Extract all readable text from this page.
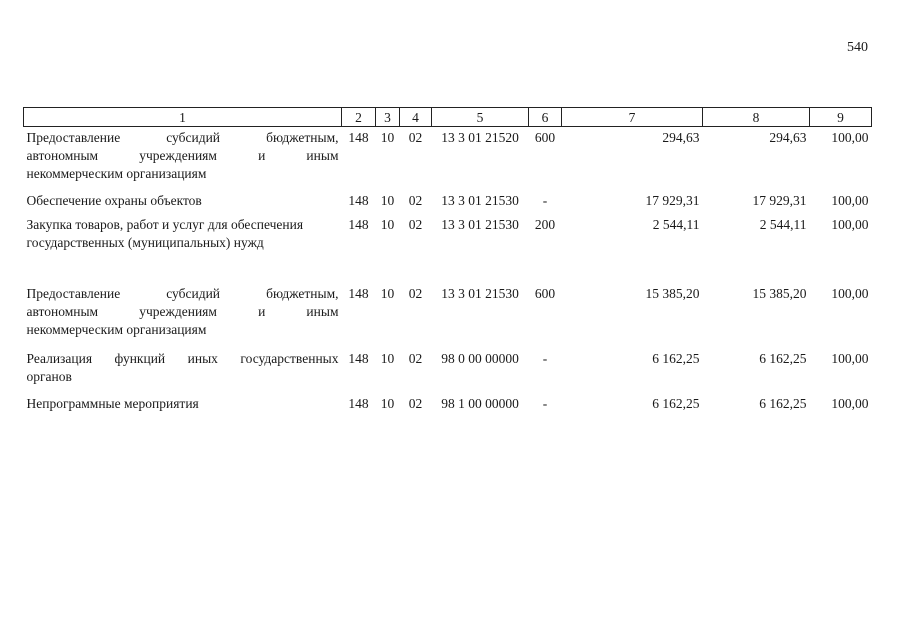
540
1	2	3	4	5	6	7	8	9

Предоставление субсидий бюджетным,
автономным учреждениям и иным
некоммерческим организациям	148	10	02	13 3 01 21520	600	294,63	294,63	100,00

Обеспечение охраны объектов	148	10	02	13 3 01 21530	-	17 929,31	17 929,31	100,00

Закупка товаров, работ и услуг для обеспечения
государственных (муниципальных) нужд	148	10	02	13 3 01 21530	200	2 544,11	2 544,11	100,00

Предоставление субсидий бюджетным,
автономным учреждениям и иным
некоммерческим организациям	148	10	02	13 3 01 21530	600	15 385,20	15 385,20	100,00

Реализация функций иных государственных
органов	148	10	02	98 0 00 00000	-	6 162,25	6 162,25	100,00

Непрограммные мероприятия	148	10	02	98 1 00 00000	-	6 162,25	6 162,25	100,00
